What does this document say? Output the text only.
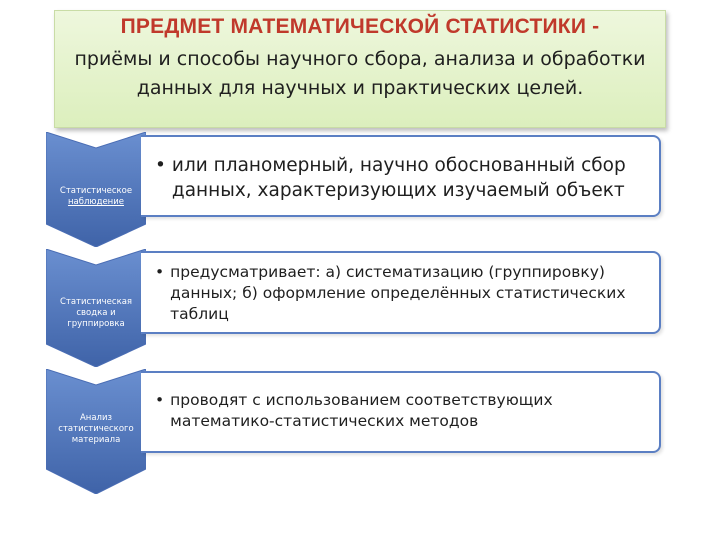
ПРЕДМЕТ МАТЕМАТИЧЕСКОЙ СТАТИСТИКИ -
приёмы и способы научного сбора, анализа и обработки
данных для научных и практических целей.
Статистическое
наблюдение
• или планомерный, научно обоснованный сбор
данных, характеризующих изучаемый объект
Статистическая
сводка и
группировка
• предусматривает: а) систематизацию (группировку)
данных; б) оформление определённых статистических
таблиц
Анализ
статистического
материала
• проводят с использованием соответствующих
математико-статистических методов
